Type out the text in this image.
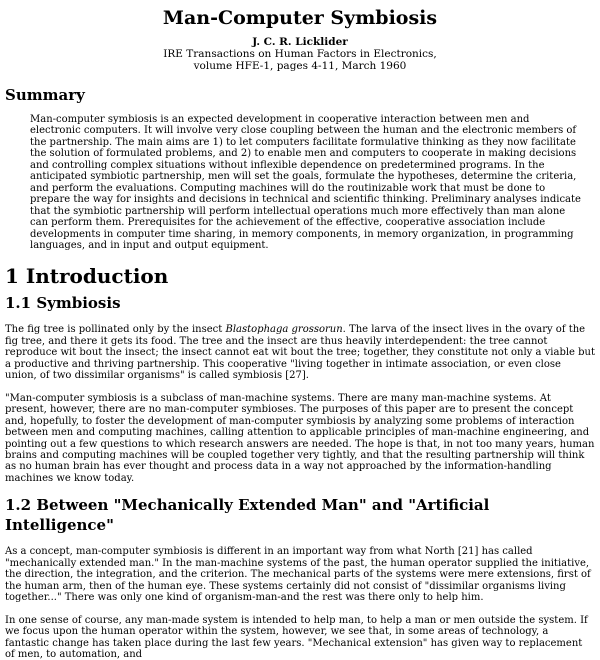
Man-Computer Symbiosis
J. C. R. Licklider
IRE Transactions on Human Factors in Electronics,
volume HFE-1, pages 4-11, March 1960
Summary

Man-computer symbiosis is an expected development in cooperative interaction between men and electronic computers. It will involve very close coupling between the human and the electronic members of the partnership. The main aims are 1) to let computers facilitate formulative thinking as they now facilitate the solution of formulated problems, and 2) to enable men and computers to cooperate in making decisions and controlling complex situations without inflexible dependence on predetermined programs. In the anticipated symbiotic partnership, men will set the goals, formulate the hypotheses, determine the criteria, and perform the evaluations. Computing machines will do the routinizable work that must be done to prepare the way for insights and decisions in technical and scientific thinking. Preliminary analyses indicate that the symbiotic partnership will perform intellectual operations much more effectively than man alone can perform them. Prerequisites for the achievement of the effective, cooperative association include developments in computer time sharing, in memory components, in memory organization, in programming languages, and in input and output equipment.

1 Introduction
1.1 Symbiosis

The fig tree is pollinated only by the insect Blastophaga grossorun. The larva of the insect lives in the ovary of the fig tree, and there it gets its food. The tree and the insect are thus heavily interdependent: the tree cannot reproduce wit bout the insect; the insect cannot eat wit bout the tree; together, they constitute not only a viable but a productive and thriving partnership. This cooperative "living together in intimate association, or even close union, of two dissimilar organisms" is called symbiosis [27].

"Man-computer symbiosis is a subclass of man-machine systems. There are many man-machine systems. At present, however, there are no man-computer symbioses. The purposes of this paper are to present the concept and, hopefully, to foster the development of man-computer symbiosis by analyzing some problems of interaction between men and computing machines, calling attention to applicable principles of man-machine engineering, and pointing out a few questions to which research answers are needed. The hope is that, in not too many years, human brains and computing machines will be coupled together very tightly, and that the resulting partnership will think as no human brain has ever thought and process data in a way not approached by the information-handling machines we know today.

1.2 Between "Mechanically Extended Man" and "Artificial Intelligence"

As a concept, man-computer symbiosis is different in an important way from what North [21] has called "mechanically extended man." In the man-machine systems of the past, the human operator supplied the initiative, the direction, the integration, and the criterion. The mechanical parts of the systems were mere extensions, first of the human arm, then of the human eye. These systems certainly did not consist of "dissimilar organisms living together..." There was only one kind of organism-man-and the rest was there only to help him.

In one sense of course, any man-made system is intended to help man, to help a man or men outside the system. If we focus upon the human operator within the system, however, we see that, in some areas of technology, a fantastic change has taken place during the last few years. "Mechanical extension" has given way to replacement of men, to automation, and
